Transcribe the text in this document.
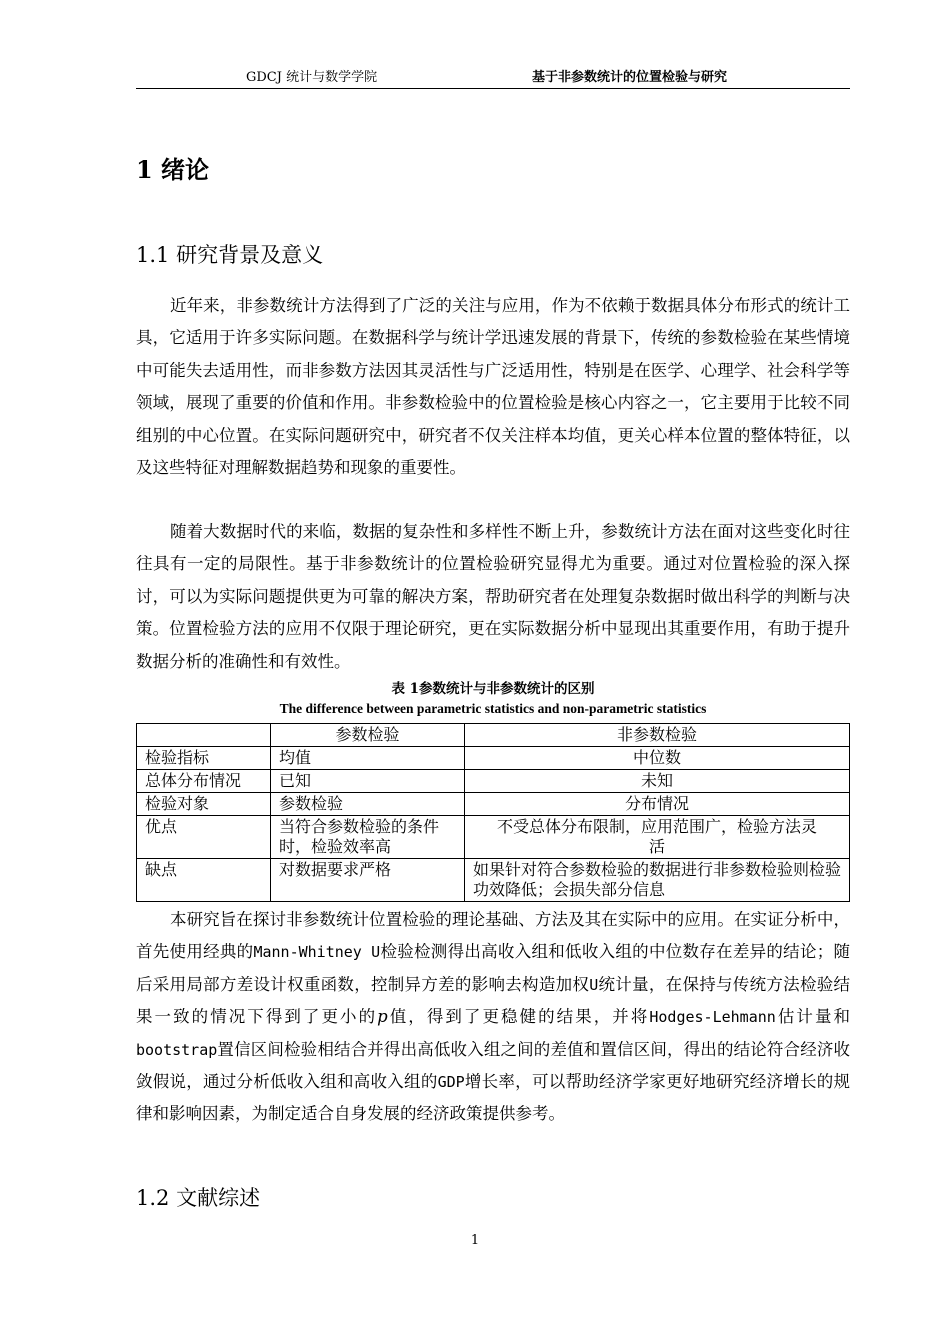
GDCJ 统计与数学学院	基于非参数统计的位置检验与研究
1 绪论
1.1 研究背景及意义
近年来，非参数统计方法得到了广泛的关注与应用，作为不依赖于数据具体分布形式的统计工具，它适用于许多实际问题。在数据科学与统计学迅速发展的背景下，传统的参数检验在某些情境中可能失去适用性，而非参数方法因其灵活性与广泛适用性，特别是在医学、心理学、社会科学等领域，展现了重要的价值和作用。非参数检验中的位置检验是核心内容之一，它主要用于比较不同组别的中心位置。在实际问题研究中，研究者不仅关注样本均值，更关心样本位置的整体特征，以及这些特征对理解数据趋势和现象的重要性。
随着大数据时代的来临，数据的复杂性和多样性不断上升，参数统计方法在面对这些变化时往往具有一定的局限性。基于非参数统计的位置检验研究显得尤为重要。通过对位置检验的深入探讨，可以为实际问题提供更为可靠的解决方案，帮助研究者在处理复杂数据时做出科学的判断与决策。位置检验方法的应用不仅限于理论研究，更在实际数据分析中显现出其重要作用，有助于提升数据分析的准确性和有效性。
表 1参数统计与非参数统计的区别
The difference between parametric statistics and non-parametric statistics
	参数检验	非参数检验
检验指标	均值	中位数
总体分布情况	已知	未知
检验对象	参数检验	分布情况
优点	当符合参数检验的条件时，检验效率高	不受总体分布限制，应用范围广，检验方法灵活
缺点	对数据要求严格	如果针对符合参数检验的数据进行非参数检验则检验功效降低；会损失部分信息
本研究旨在探讨非参数统计位置检验的理论基础、方法及其在实际中的应用。在实证分析中，首先使用经典的Mann-Whitney U检验检测得出高收入组和低收入组的中位数存在差异的结论；随后采用局部方差设计权重函数，控制异方差的影响去构造加权U统计量，在保持与传统方法检验结果一致的情况下得到了更小的p值，得到了更稳健的结果，并将Hodges-Lehmann估计量和bootstrap置信区间检验相结合并得出高低收入组之间的差值和置信区间，得出的结论符合经济收敛假说，通过分析低收入组和高收入组的GDP增长率，可以帮助经济学家更好地研究经济增长的规律和影响因素，为制定适合自身发展的经济政策提供参考。
1.2 文献综述
1
